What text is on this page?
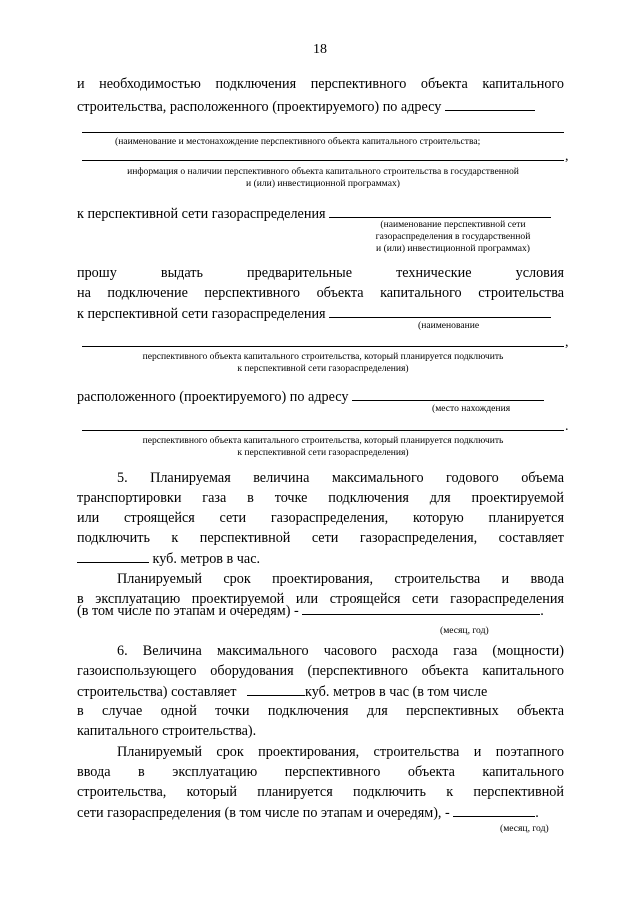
18
и необходимостью подключения перспективного объекта капитального
строительства, расположенного (проектируемого) по адресу
(наименование и местонахождение перспективного объекта капитального строительства;
,
информация о наличии перспективного объекта капитального строительства в государственной
и (или) инвестиционной программах)
к перспективной сети газораспределения
(наименование перспективной сети
газораспределения в государственной
и (или) инвестиционной программах)
прошу выдать предварительные технические условия
на подключение перспективного объекта капитального строительства
к перспективной сети газораспределения
(наименование
,
перспективного объекта капитального строительства, который планируется подключить
к перспективной сети газораспределения)
расположенного (проектируемого) по адресу
(место нахождения
.
перспективного объекта капитального строительства, который планируется подключить
к перспективной сети газораспределения)
5. Планируемая величина максимального годового объема
транспортировки газа в точке подключения для проектируемой
или строящейся сети газораспределения, которую планируется
подключить к перспективной сети газораспределения, составляет
куб. метров в час.
Планируемый срок проектирования, строительства и ввода
в эксплуатацию проектируемой или строящейся сети газораспределения
(в том числе по этапам и очередям) -	.
(месяц, год)
6. Величина максимального часового расхода газа (мощности)
газоиспользующего оборудования (перспективного объекта капитального
строительства) составляет	куб. метров в час (в том числе
в случае одной точки подключения для перспективных объекта
капитального строительства).
Планируемый срок проектирования, строительства и поэтапного
ввода в эксплуатацию перспективного объекта капитального
строительства, который планируется подключить к перспективной
сети газораспределения (в том числе по этапам и очередям), -	.
(месяц, год)
